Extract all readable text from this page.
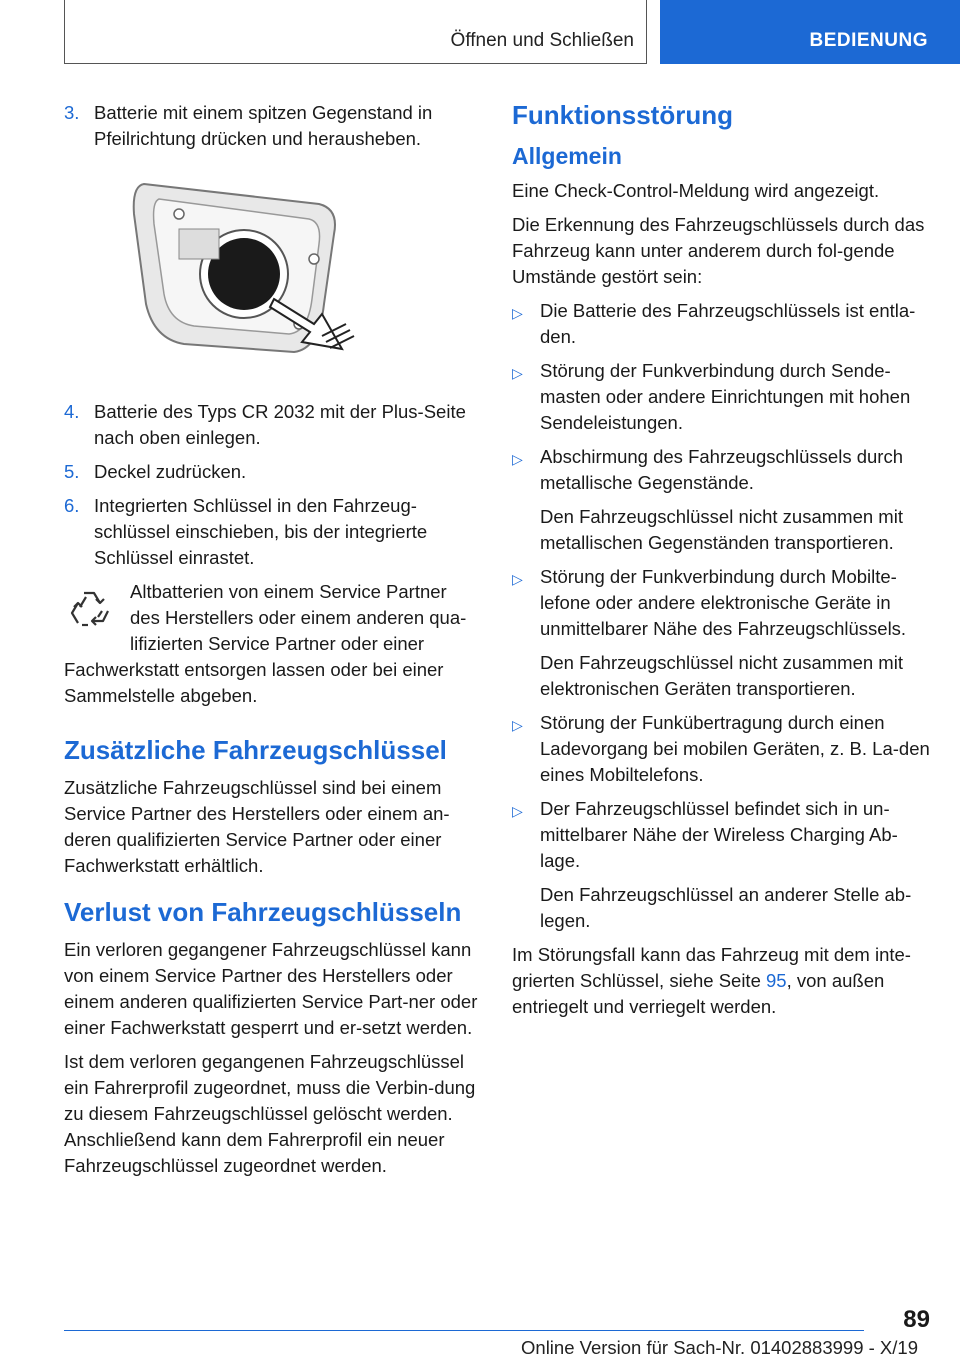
Öffnen und Schließen	BEDIENUNG
3. Batterie mit einem spitzen Gegenstand in Pfeilrichtung drücken und herausheben.
4. Batterie des Typs CR 2032 mit der Plus-Seite nach oben einlegen.
5. Deckel zudrücken.
6. Integrierten Schlüssel in den Fahrzeug-schlüssel einschieben, bis der integrierte Schlüssel einrastet.
Altbatterien von einem Service Partner des Herstellers oder einem anderen qua-lifizierten Service Partner oder einer Fachwerkstatt entsorgen lassen oder bei einer Sammelstelle abgeben.
Zusätzliche Fahrzeugschlüssel

Zusätzliche Fahrzeugschlüssel sind bei einem Service Partner des Herstellers oder einem an-deren qualifizierten Service Partner oder einer Fachwerkstatt erhältlich.

Verlust von Fahrzeugschlüsseln

Ein verloren gegangener Fahrzeugschlüssel kann von einem Service Partner des Herstellers oder einem anderen qualifizierten Service Part-ner oder einer Fachwerkstatt gesperrt und er-setzt werden.

Ist dem verloren gegangenen Fahrzeugschlüssel ein Fahrerprofil zugeordnet, muss die Verbin-dung zu diesem Fahrzeugschlüssel gelöscht werden. Anschließend kann dem Fahrerprofil ein neuer Fahrzeugschlüssel zugeordnet werden.

Funktionsstörung
Allgemein

Eine Check-Control-Meldung wird angezeigt.

Die Erkennung des Fahrzeugschlüssels durch das Fahrzeug kann unter anderem durch fol-gende Umstände gestört sein:

▷ Die Batterie des Fahrzeugschlüssels ist entla-den.
▷ Störung der Funkverbindung durch Sende-masten oder andere Einrichtungen mit hohen Sendeleistungen.
▷ Abschirmung des Fahrzeugschlüssels durch metallische Gegenstände.
Den Fahrzeugschlüssel nicht zusammen mit metallischen Gegenständen transportieren.
▷ Störung der Funkverbindung durch Mobilte-lefone oder andere elektronische Geräte in unmittelbarer Nähe des Fahrzeugschlüssels.
Den Fahrzeugschlüssel nicht zusammen mit elektronischen Geräten transportieren.
▷ Störung der Funkübertragung durch einen Ladevorgang bei mobilen Geräten, z. B. La-den eines Mobiltelefons.
▷ Der Fahrzeugschlüssel befindet sich in un-mittelbarer Nähe der Wireless Charging Ab-lage.
Den Fahrzeugschlüssel an anderer Stelle ab-legen.

Im Störungsfall kann das Fahrzeug mit dem inte-grierten Schlüssel, siehe Seite 95, von außen entriegelt und verriegelt werden.

89
Online Version für Sach-Nr. 01402883999 - X/19
